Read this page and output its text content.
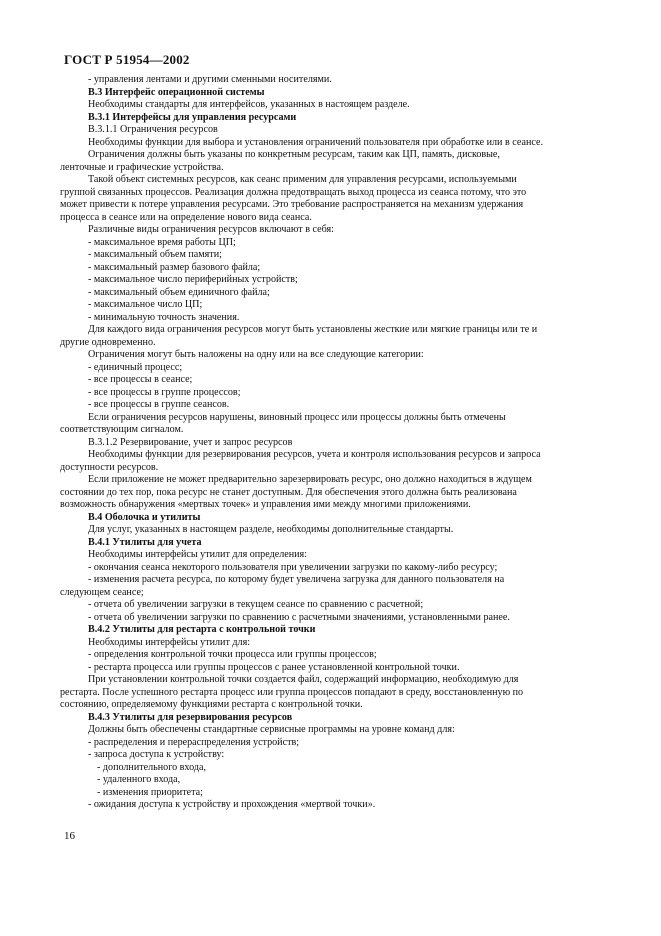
ГОСТ Р 51954—2002

- управления лентами и другими сменными носителями.

В.3 Интерфейс операционной системы

Необходимы стандарты для интерфейсов, указанных в настоящем разделе.

В.3.1 Интерфейсы для управления ресурсами

В.3.1.1 Ограничения ресурсов

Необходимы функции для выбора и установления ограничений пользователя при обработке или в сеансе.

Ограничения должны быть указаны по конкретным ресурсам, таким как ЦП, память, дисковые,

ленточные и графические устройства.

Такой объект системных ресурсов, как сеанс применим для управления ресурсами, используемыми

группой связанных процессов. Реализация должна предотвращать выход процесса из сеанса потому, что это

может привести к потере управления ресурсами. Это требование распространяется на механизм удержания

процесса в сеансе или на определение нового вида сеанса.

Различные виды ограничения ресурсов включают в себя:

- максимальное время работы ЦП;

- максимальный объем памяти;

- максимальный размер базового файла;

- максимальное число периферийных устройств;

- максимальный объем единичного файла;

- максимальное число ЦП;

- минимальную точность значения.

Для каждого вида ограничения ресурсов могут быть установлены жесткие или мягкие границы или те и

другие одновременно.

Ограничения могут быть наложены на одну или на все следующие категории:

- единичный процесс;

- все процессы в сеансе;

- все процессы в группе процессов;

- все процессы в группе сеансов.

Если ограничения ресурсов нарушены, виновный процесс или процессы должны быть отмечены

соответствующим сигналом.

В.3.1.2 Резервирование, учет и запрос ресурсов

Необходимы функции для резервирования ресурсов, учета и контроля использования ресурсов и запроса

доступности ресурсов.

Если приложение не может предварительно зарезервировать ресурс, оно должно находиться в ждущем

состоянии до тех пор, пока ресурс не станет доступным. Для обеспечения этого должна быть реализована

возможность обнаружения «мертвых точек» и управления ими между многими приложениями.

В.4 Оболочка и утилиты

Для услуг, указанных в настоящем разделе, необходимы дополнительные стандарты.

В.4.1 Утилиты для учета

Необходимы интерфейсы утилит для определения:

- окончания сеанса некоторого пользователя при увеличении загрузки по какому-либо ресурсу;

- изменения расчета ресурса, по которому будет увеличена загрузка для данного пользователя на

следующем сеансе;

- отчета об увеличении загрузки в текущем сеансе по сравнению с расчетной;

- отчета об увеличении загрузки по сравнению с расчетными значениями, установленными ранее.

В.4.2 Утилиты для рестарта с контрольной точки

Необходимы интерфейсы утилит для:

- определения контрольной точки процесса или группы процессов;

- рестарта процесса или группы процессов с ранее установленной контрольной точки.

При установлении контрольной точки создается файл, содержащий информацию, необходимую для

рестарта. После успешного рестарта процесс или группа процессов попадают в среду, восстановленную по

состоянию, определяемому функциями рестарта с контрольной точки.

В.4.3 Утилиты для резервирования ресурсов

Должны быть обеспечены стандартные сервисные программы на уровне команд для:

- распределения и перераспределения устройств;

- запроса доступа к устройству:

- дополнительного входа,

- удаленного входа,

- изменения приоритета;

- ожидания доступа к устройству и прохождения «мертвой точки».

16
